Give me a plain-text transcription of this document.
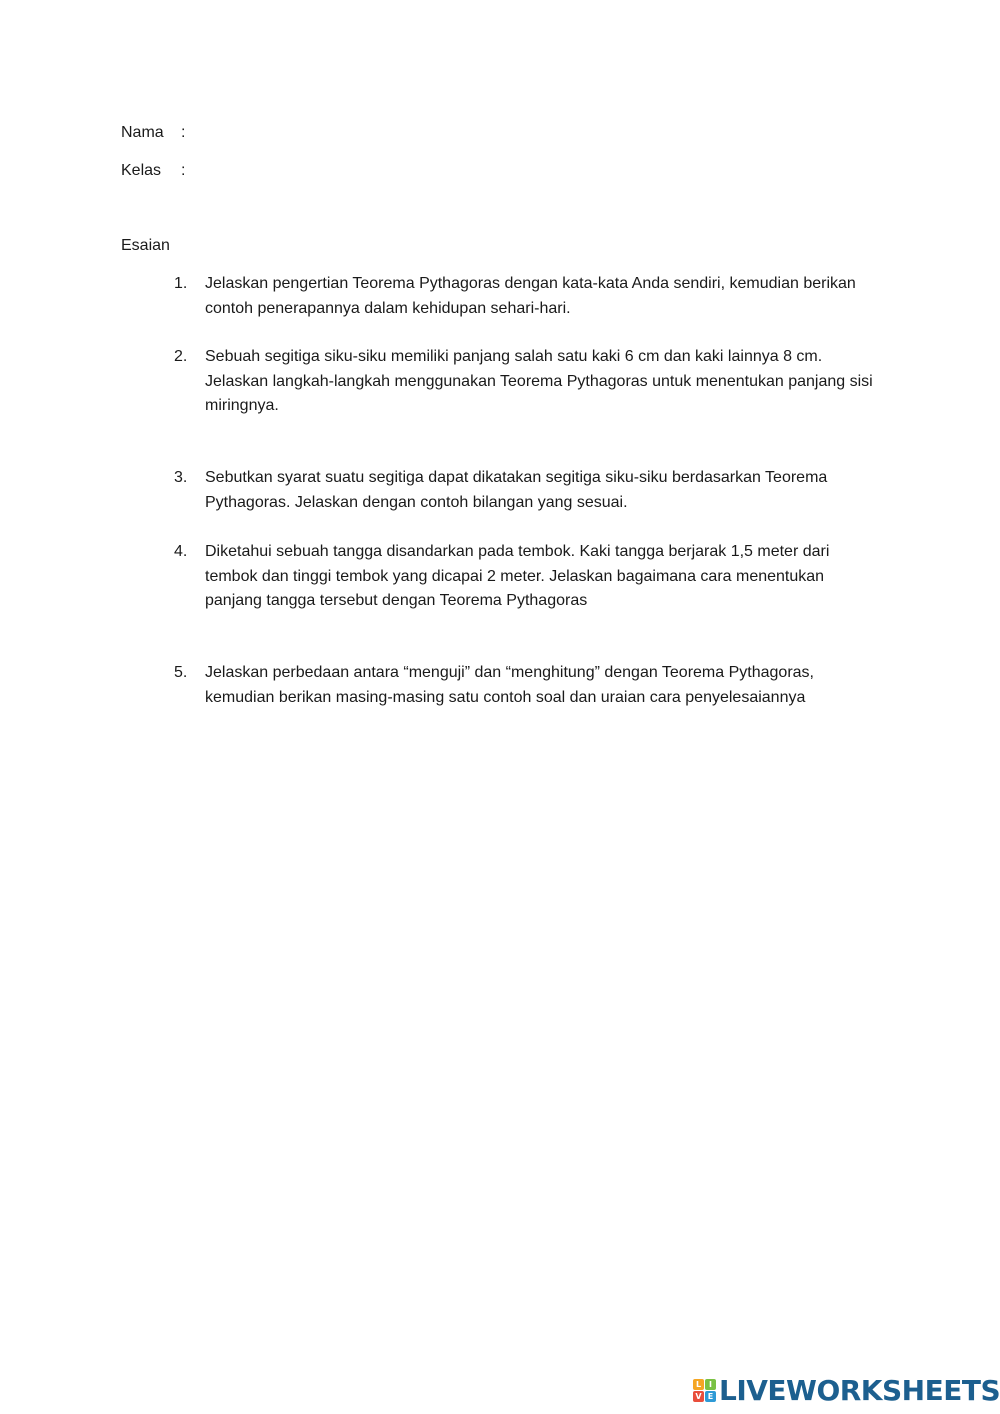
Nama :
Kelas :
Esaian
1.	Jelaskan pengertian Teorema Pythagoras dengan kata-kata Anda sendiri, kemudian berikan contoh penerapannya dalam kehidupan sehari-hari.
2.	Sebuah segitiga siku-siku memiliki panjang salah satu kaki 6 cm dan kaki lainnya 8 cm. Jelaskan langkah-langkah menggunakan Teorema Pythagoras untuk menentukan panjang sisi miringnya.
3.	Sebutkan syarat suatu segitiga dapat dikatakan segitiga siku-siku berdasarkan Teorema Pythagoras. Jelaskan dengan contoh bilangan yang sesuai.
4.	Diketahui sebuah tangga disandarkan pada tembok. Kaki tangga berjarak 1,5 meter dari tembok dan tinggi tembok yang dicapai 2 meter. Jelaskan bagaimana cara menentukan panjang tangga tersebut dengan Teorema Pythagoras
5.	Jelaskan perbedaan antara “menguji” dan “menghitung” dengan Teorema Pythagoras, kemudian berikan masing-masing satu contoh soal dan uraian cara penyelesaiannya
L I
V E LIVEWORKSHEETS
